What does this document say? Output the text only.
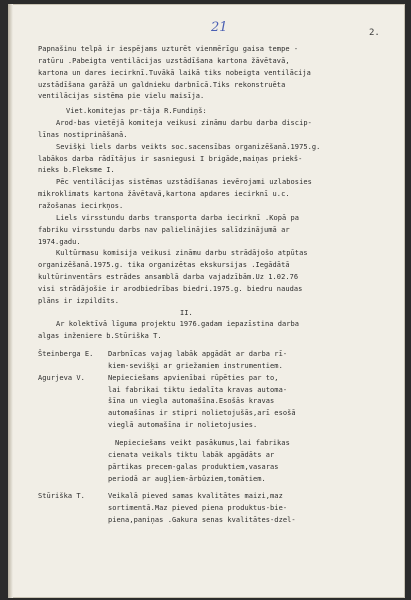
21	2.
Papnašinu telpā ir iespējams uzturēt vienmērīgu gaisa tempe -
ratūru .Pabeigta ventilācijas uzstādīšana kartona žāvētavā,
kartona un dares iecirknī.Tuvākā laikā tiks nobeigta ventilācija
uzstādīšana garāžā un galdnieku darbnīcā.Tiks rekonstruēta
ventilācijas sistēma pie vielu maisīja.
Viet.komitejas pr-tāja R.Fundiņš:
Arod-bas vietējā komiteja veikusi zināmu darbu darba discip-
līnas nostiprināšanā.
Sevišķi liels darbs veikts soc.sacensības organizēšanā.1975.g.
labākos darba rādītājus ir sasniegusi I brigāde,maiņas priekš-
nieks b.Fleksme I.
Pēc ventilācijas sistēmas uzstādīšanas ievērojami uzlabosies
mikroklimats kartona žāvētavā,kartona apdares iecirknī u.c.
ražošanas iecirkņos.
Liels virsstundu darbs transporta darba iecirknī .Kopā pa
fabriku virsstundu darbs nav palielinājies salīdzinājumā ar
1974.gadu.
Kultūrmasu komisija veikusi zināmu darbu strādājošo atpūtas
organizēšanā.1975.g. tika organizētas ekskursijas .Iegādātā
kultūrinventārs estrādes ansamblā darba vajadzībām.Uz 1.02.76
visi strādājošie ir arodbiedrības biedri.1975.g. biedru naudas
plāns ir izpildīts.
II.
Ar kolektīvā līguma projektu 1976.gadam iepazīstina darba
algas inženiere b.Stūriška T.
Šteinberga E.	Darbnīcas vajag labāk apgādāt ar darba rī-
kiem-sevišķi ar griežamiem instrumentiem.
Agurjeva V.	Nepieciešams apvienībai rūpēties par to,
lai fabrikai tiktu iedalīta kravas automa-
šīna un viegla automašīna.Esošās kravas
automašīnas ir stipri nolietojušās,arī esošā
vieglā automašīna ir nolietojusies.
Nepieciešams veikt pasākumus,lai fabrikas
cienata veikals tiktu labāk apgādāts ar
pārtikas precem-galas produktiem,vasaras
periodā ar augļiem-ārbūziem,tomātiem.
Stūriška T.	Veikalā pieved samas kvalitātes maizi,maz
sortimentā.Maz pieved piena produktus-bie-
piena,paniņas .Gakura senas kvalitātes-dzel-
